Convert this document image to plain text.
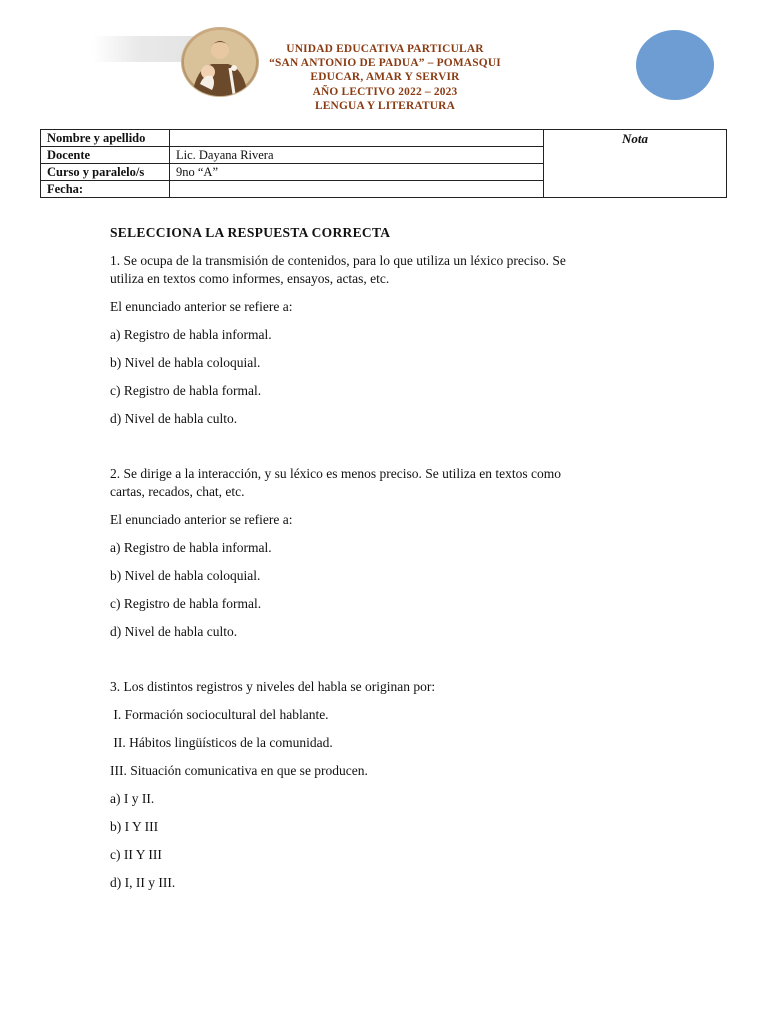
UNIDAD EDUCATIVA PARTICULAR
“SAN ANTONIO DE PADUA” – POMASQUI
EDUCAR, AMAR Y SERVIR
AÑO LECTIVO 2022 – 2023
LENGUA Y LITERATURA
Nombre y apellido		Nota
Docente	Lic. Dayana Rivera	
Curso y paralelo/s	9no “A”	
Fecha:		

SELECCIONA LA RESPUESTA CORRECTA

1. Se ocupa de la transmisión de contenidos, para lo que utiliza un léxico preciso. Se

utiliza en textos como informes, ensayos, actas, etc.

El enunciado anterior se refiere a:

a) Registro de habla informal.

b) Nivel de habla coloquial.

c) Registro de habla formal.

d) Nivel de habla culto.

2. Se dirige a la interacción, y su léxico es menos preciso. Se utiliza en textos como

cartas, recados, chat, etc.

El enunciado anterior se refiere a:

a) Registro de habla informal.

b) Nivel de habla coloquial.

c) Registro de habla formal.

d) Nivel de habla culto.

3. Los distintos registros y niveles del habla se originan por:

I. Formación sociocultural del hablante.

II. Hábitos lingüísticos de la comunidad.

III. Situación comunicativa en que se producen.

a) I y II.

b) I Y III

c) II Y III

d) I, II y III.
